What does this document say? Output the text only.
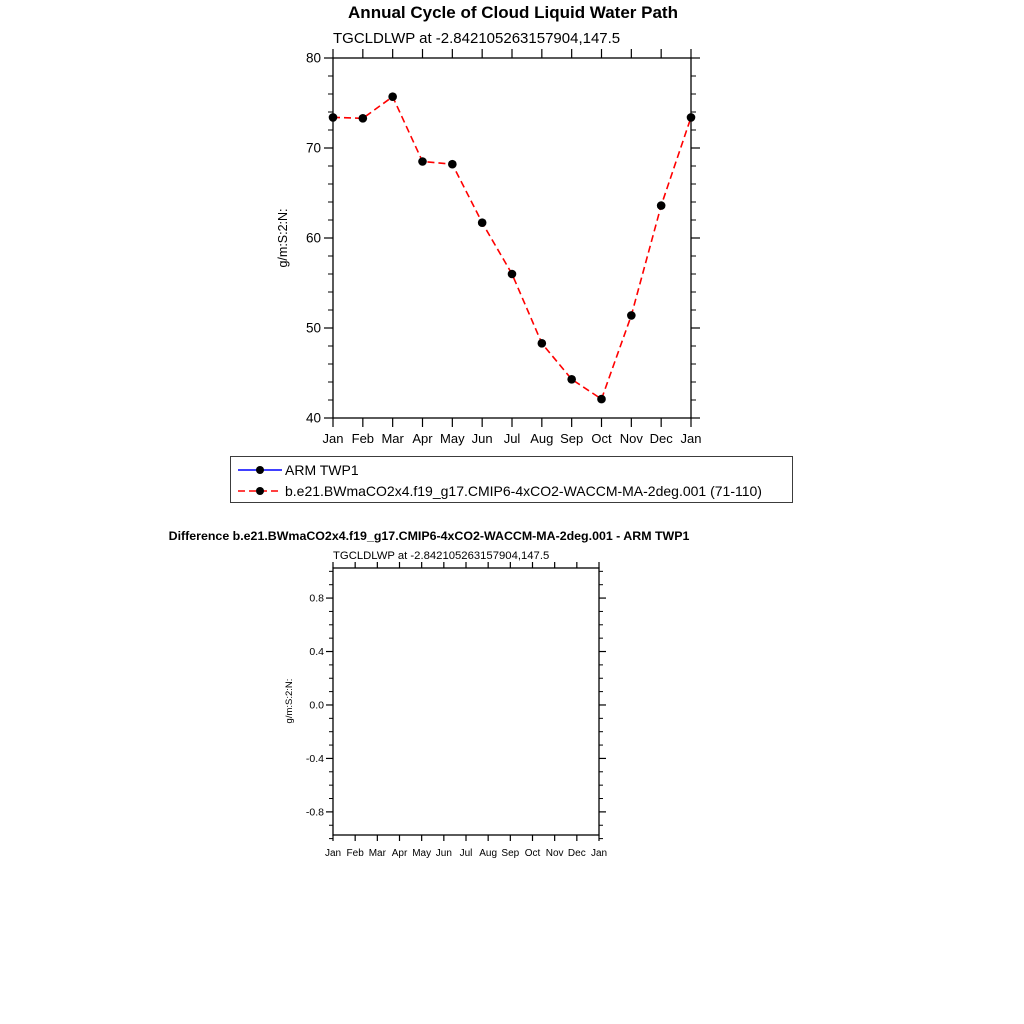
Annual Cycle of Cloud Liquid Water Path
TGCLDLWP at -2.842105263157904,147.5
Jan Feb Mar Apr May Jun Jul Aug Sep Oct Nov Dec Jan
40
50
60
70
80
g/m:S:2:N:
Jan Feb Mar Apr May Jun Jul Aug Sep Oct Nov Dec Jan
-0.8
-0.4
0.0
0.4
0.8
g/m:S:2:N:
ARM TWP1
b.e21.BWmaCO2x4.f19_g17.CMIP6-4xCO2-WACCM-MA-2deg.001 (71-110)
Difference b.e21.BWmaCO2x4.f19_g17.CMIP6-4xCO2-WACCM-MA-2deg.001 - ARM TWP1
TGCLDLWP at -2.842105263157904,147.5
